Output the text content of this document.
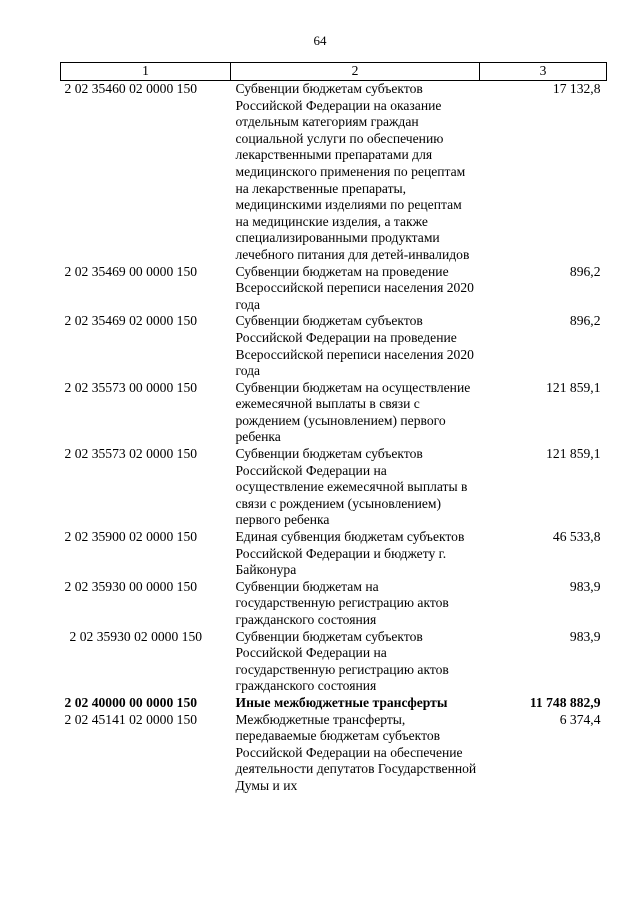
64
1	2	3
2 02 35460 02 0000 150	Субвенции бюджетам субъектов Российской Федерации на оказание отдельным категориям граждан социальной услуги по обеспечению лекарственными препаратами для медицинского применения по рецептам на лекарственные препараты, медицинскими изделиями по рецептам на медицинские изделия, а также специализированными продуктами лечебного питания для детей-инвалидов	17 132,8
2 02 35469 00 0000 150	Субвенции бюджетам на проведение Всероссийской переписи населения 2020 года	896,2
2 02 35469 02 0000 150	Субвенции бюджетам субъектов Российской Федерации на проведение Всероссийской переписи населения 2020 года	896,2
2 02 35573 00 0000 150	Субвенции бюджетам на осуществление ежемесячной выплаты в связи с рождением (усыновлением) первого ребенка	121 859,1
2 02 35573 02 0000 150	Субвенции бюджетам субъектов Российской Федерации на осуществление ежемесячной выплаты в связи с рождением (усыновлением) первого ребенка	121 859,1
2 02 35900 02 0000 150	Единая субвенция бюджетам субъектов Российской Федерации и бюджету г. Байконура	46 533,8
2 02 35930 00 0000 150	Субвенции бюджетам на государственную регистрацию актов гражданского состояния	983,9
2 02 35930 02 0000 150	Субвенции бюджетам субъектов Российской Федерации на государственную регистрацию актов гражданского состояния	983,9
2 02 40000 00 0000 150	Иные межбюджетные трансферты	11 748 882,9
2 02 45141 02 0000 150	Межбюджетные трансферты, передаваемые бюджетам субъектов Российской Федерации на обеспечение деятельности депутатов Государственной Думы и их	6 374,4
